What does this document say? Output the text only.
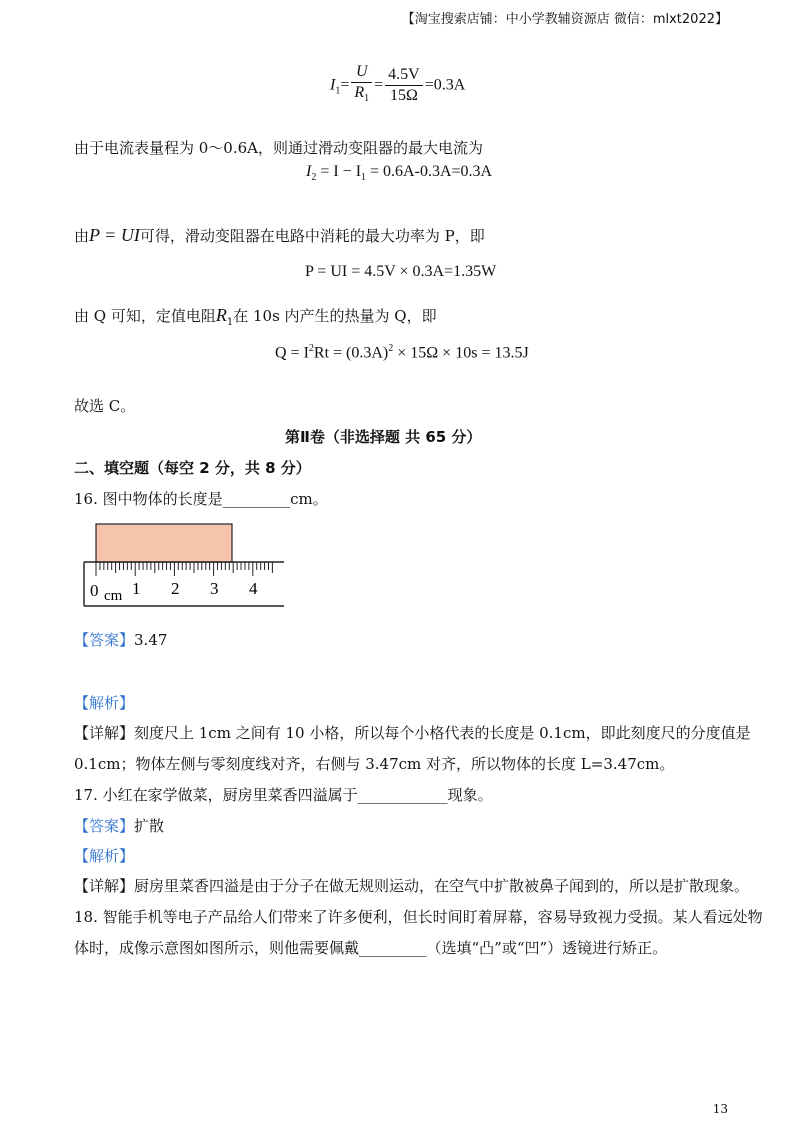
【淘宝搜索店铺：中小学教辅资源店 微信：mlxt2022】
$I_1= \frac{U}{R_1} = \frac{4.5V}{15\Omega} =0.3A$
由于电流表量程为 0～0.6A，则通过滑动变阻器的最大电流为
$I_2 = I - I_1 = 0.6A-0.3A=0.3A$
由P = UI可得，滑动变阻器在电路中消耗的最大功率为 P，即
P = UI = 4.5V × 0.3A=1.35W
由 Q 可知，定值电阻$R_1$在 10s 内产生的热量为 Q，即
$Q = I^2Rt = (0.3A)^2 \times 15\Omega \times 10s = 13.5J$
故选 C。
第Ⅱ卷（非选择题 共 65 分）
二、填空题（每空 2 分，共 8 分）
16. 图中物体的长度是_________cm。
0 cm 1 2 3 4
【答案】3.47
【解析】
【详解】刻度尺上 1cm 之间有 10 小格，所以每个小格代表的长度是 0.1cm，即此刻度尺的分度值是
0.1cm；物体左侧与零刻度线对齐，右侧与 3.47cm 对齐，所以物体的长度 L=3.47cm。
17. 小红在家学做菜，厨房里菜香四溢属于____________现象。
【答案】扩散
【解析】
【详解】厨房里菜香四溢是由于分子在做无规则运动，在空气中扩散被鼻子闻到的，所以是扩散现象。
18. 智能手机等电子产品给人们带来了许多便利，但长时间盯着屏幕，容易导致视力受损。某人看远处物
体时，成像示意图如图所示，则他需要佩戴_________（选填“凸”或“凹”）透镜进行矫正。
13
